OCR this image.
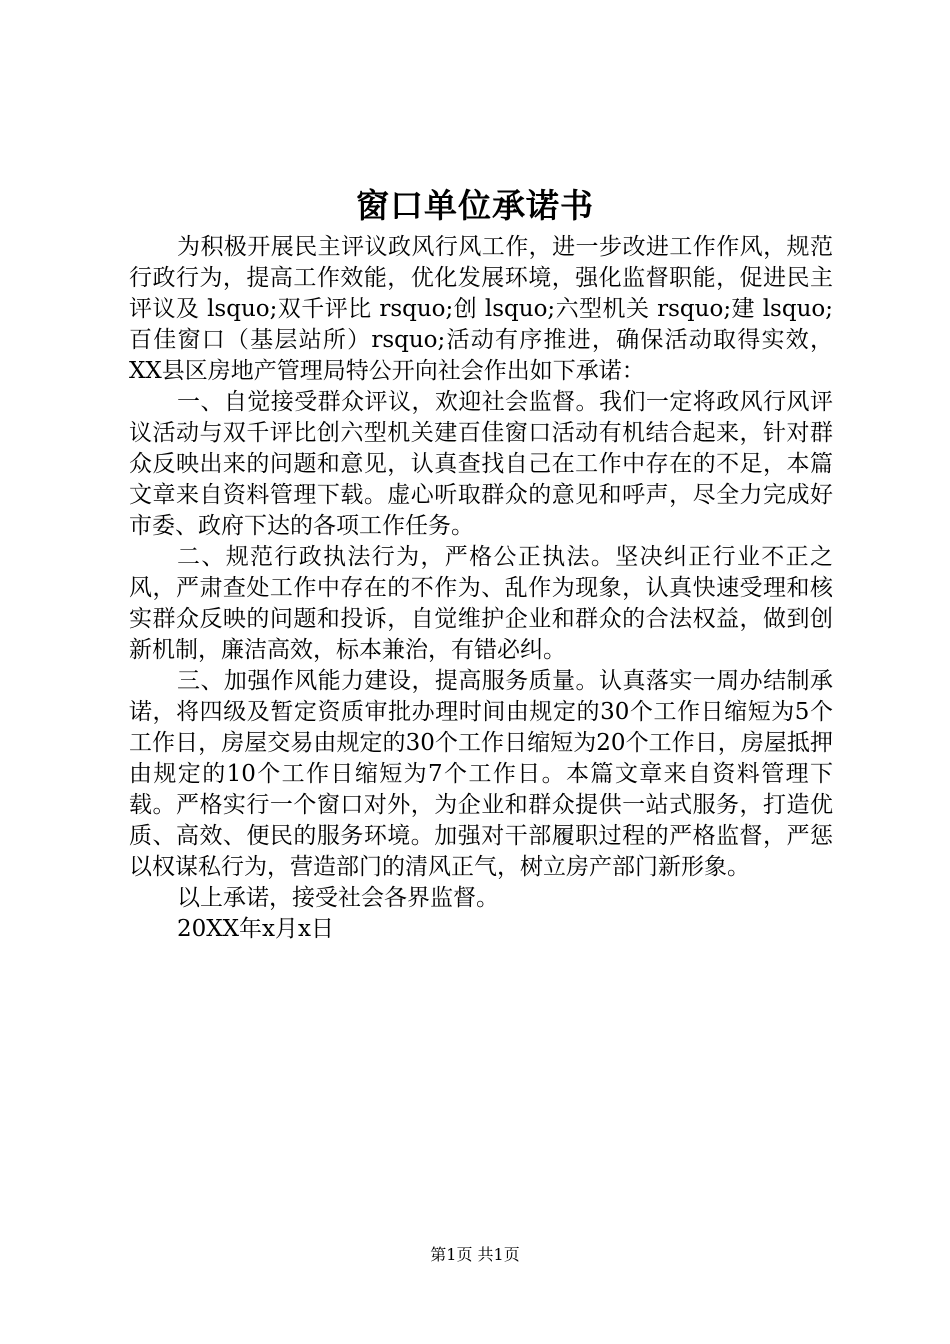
窗口单位承诺书

为积极开展民主评议政风行风工作，进一步改进工作作风，规范行政行为，提高工作效能，优化发展环境，强化监督职能，促进民主评议及 lsquo;双千评比 rsquo;创 lsquo;六型机关 rsquo;建 lsquo;百佳窗口（基层站所）rsquo;活动有序推进，确保活动取得实效，XX县区房地产管理局特公开向社会作出如下承诺：

一、自觉接受群众评议，欢迎社会监督。我们一定将政风行风评议活动与双千评比创六型机关建百佳窗口活动有机结合起来，针对群众反映出来的问题和意见，认真查找自己在工作中存在的不足，本篇文章来自资料管理下载。虚心听取群众的意见和呼声，尽全力完成好市委、政府下达的各项工作任务。

二、规范行政执法行为，严格公正执法。坚决纠正行业不正之风，严肃查处工作中存在的不作为、乱作为现象，认真快速受理和核实群众反映的问题和投诉，自觉维护企业和群众的合法权益，做到创新机制，廉洁高效，标本兼治，有错必纠。

三、加强作风能力建设，提高服务质量。认真落实一周办结制承诺，将四级及暂定资质审批办理时间由规定的30个工作日缩短为5个工作日，房屋交易由规定的30个工作日缩短为20个工作日，房屋抵押由规定的10个工作日缩短为7个工作日。本篇文章来自资料管理下载。严格实行一个窗口对外，为企业和群众提供一站式服务，打造优质、高效、便民的服务环境。加强对干部履职过程的严格监督，严惩以权谋私行为，营造部门的清风正气，树立房产部门新形象。

以上承诺，接受社会各界监督。

20XX年x月x日

第1页 共1页
